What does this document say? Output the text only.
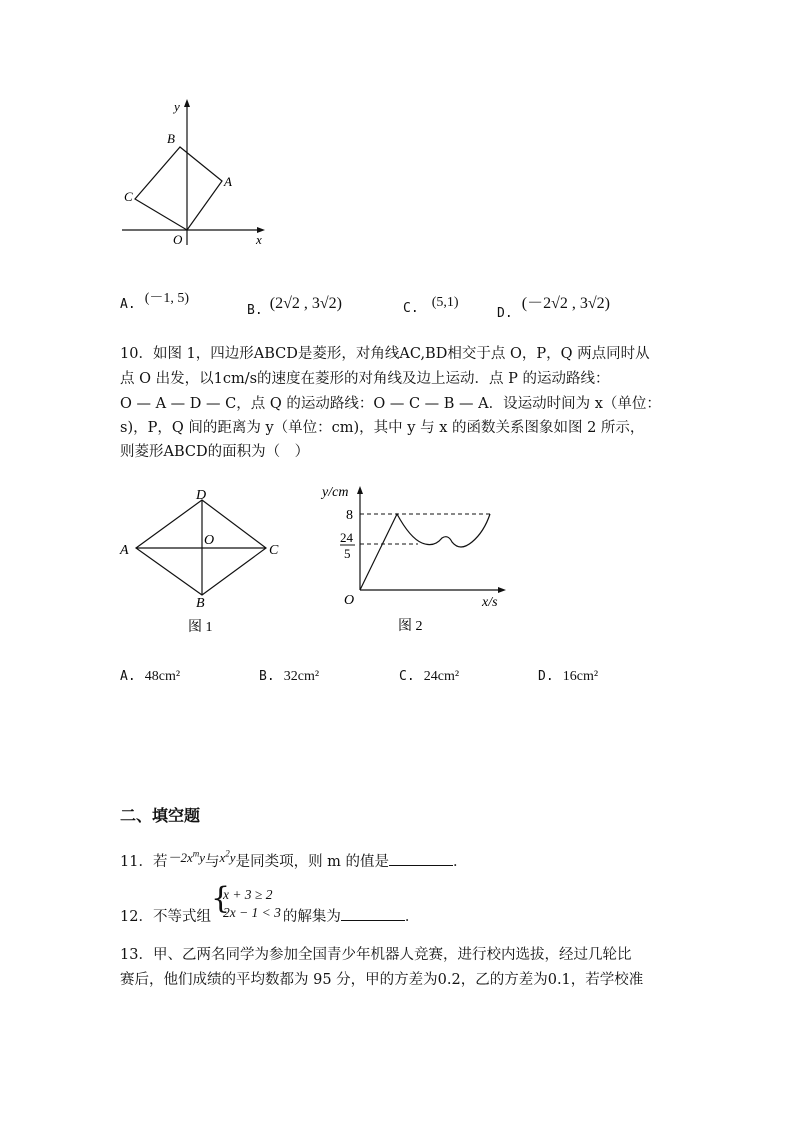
y
x
O
A
B
C
A. (－1, 5)
$_{B.}$ (2√2 , 3√2)	$_{C.}$ (5,1)
$_{D.}$ (－2√2 , 3√2)
10．如图 1，四边形ABCD是菱形，对角线AC,BD相交于点 O，P，Q 两点同时从
点 O 出发，以1cm/s的速度在菱形的对角线及边上运动．点 P 的运动路线：
O — A — D — C，点 Q 的运动路线：O — C — B — A．设运动时间为 x（单位：
s)，P，Q 间的距离为 y（单位：cm)，其中 y 与 x 的函数关系图象如图 2 所示，
则菱形ABCD的面积为（　）
A	C
D
B
O
图 1
y/cm
x/s
O
8
24
5
图 2
A. 48cm²	B. 32cm²	C. 24cm²	D. 16cm²
二、填空题
11．若$-2x^my$与$x^2y$是同类项，则 m 的值是	．
12．不等式组
{
x + 3 ≥ 2
2x − 1 < 3 的解集为	．
13．甲、乙两名同学为参加全国青少年机器人竞赛，进行校内选拔，经过几轮比
赛后，他们成绩的平均数都为 95 分，甲的方差为0.2，乙的方差为0.1，若学校准
